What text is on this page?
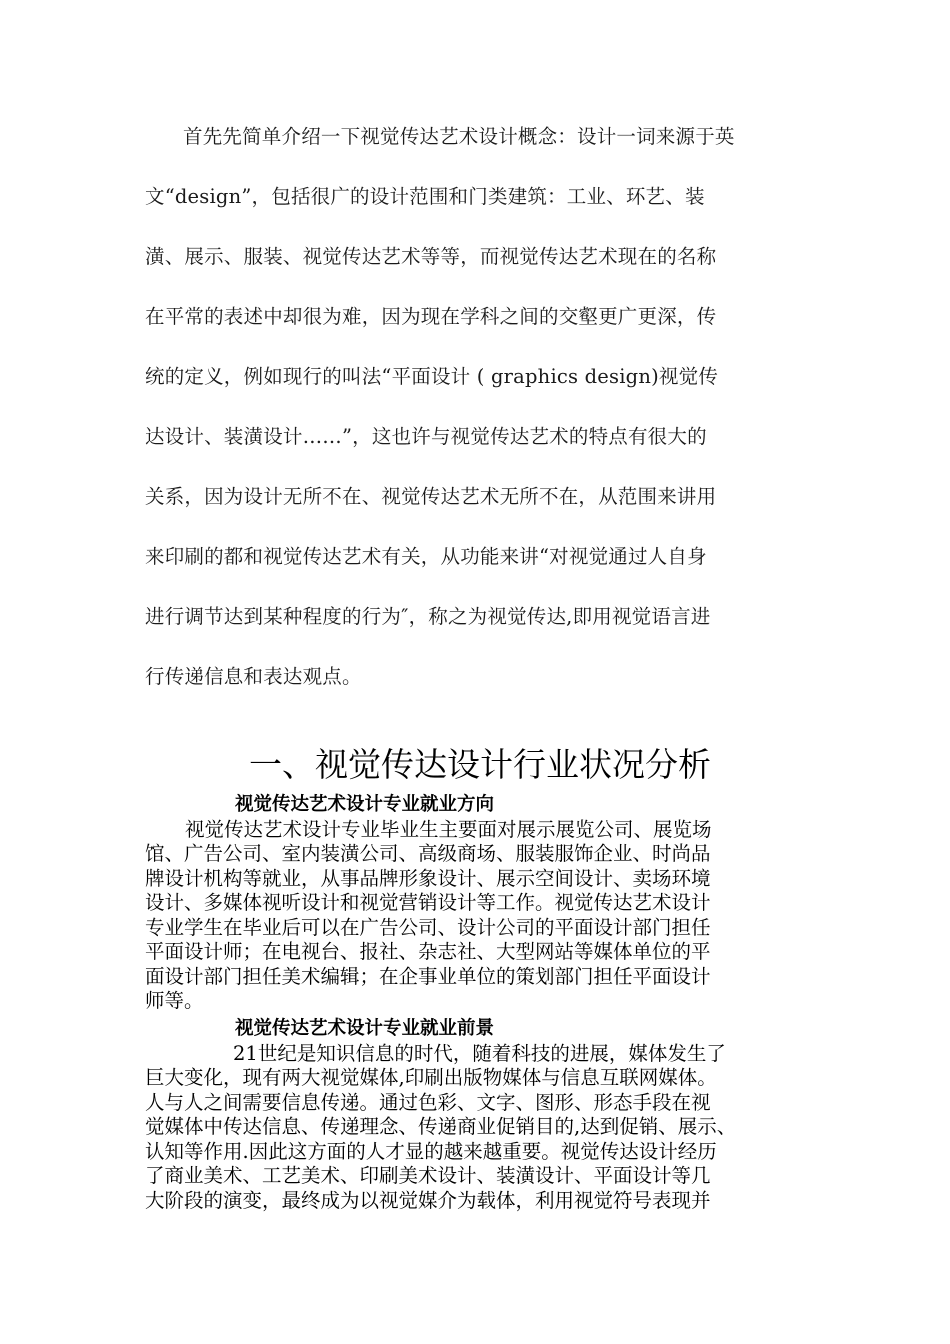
首先先简单介绍一下视觉传达艺术设计概念：设计一词来源于英
文“design”，包括很广的设计范围和门类建筑：工业、环艺、装
潢、展示、服装、视觉传达艺术等等，而视觉传达艺术现在的名称
在平常的表述中却很为难，因为现在学科之间的交壑更广更深，传
统的定义，例如现行的叫法“平面设计 ( graphics design)视觉传
达设计、装潢设计……”，这也许与视觉传达艺术的特点有很大的
关系，因为设计无所不在、视觉传达艺术无所不在，从范围来讲用
来印刷的都和视觉传达艺术有关，从功能来讲“对视觉通过人自身
进行调节达到某种程度的行为″，称之为视觉传达,即用视觉语言进
行传递信息和表达观点。
一、视觉传达设计行业状况分析
视觉传达艺术设计专业就业方向
视觉传达艺术设计专业毕业生主要面对展示展览公司、展览场
馆、广告公司、室内装潢公司、高级商场、服装服饰企业、时尚品
牌设计机构等就业，从事品牌形象设计、展示空间设计、卖场环境
设计、多媒体视听设计和视觉营销设计等工作。视觉传达艺术设计
专业学生在毕业后可以在广告公司、设计公司的平面设计部门担任
平面设计师；在电视台、报社、杂志社、大型网站等媒体单位的平
面设计部门担任美术编辑；在企事业单位的策划部门担任平面设计
师等。
视觉传达艺术设计专业就业前景
21世纪是知识信息的时代，随着科技的进展，媒体发生了
巨大变化，现有两大视觉媒体,印刷出版物媒体与信息互联网媒体。
人与人之间需要信息传递。通过色彩、文字、图形、形态手段在视
觉媒体中传达信息、传递理念、传递商业促销目的,达到促销、展示、
认知等作用.因此这方面的人才显的越来越重要。视觉传达设计经历
了商业美术、工艺美术、印刷美术设计、装潢设计、平面设计等几
大阶段的演变，最终成为以视觉媒介为载体，利用视觉符号表现并
